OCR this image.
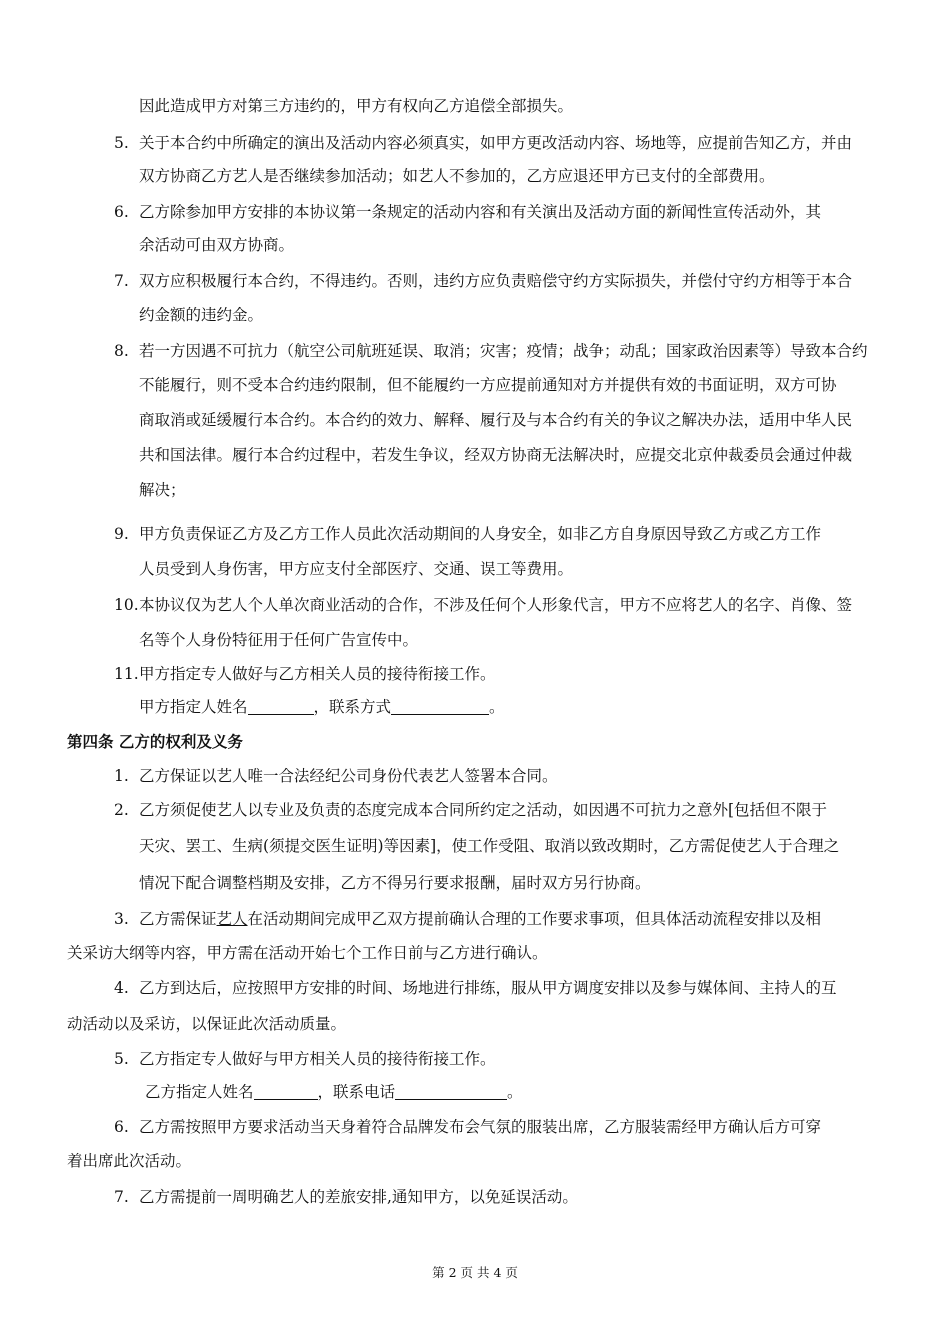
因此造成甲方对第三方违约的，甲方有权向乙方追偿全部损失。
5. 关于本合约中所确定的演出及活动内容必须真实，如甲方更改活动内容、场地等，应提前告知乙方，并由
双方协商乙方艺人是否继续参加活动；如艺人不参加的，乙方应退还甲方已支付的全部费用。
6. 乙方除参加甲方安排的本协议第一条规定的活动内容和有关演出及活动方面的新闻性宣传活动外，其
余活动可由双方协商。
7. 双方应积极履行本合约，不得违约。否则，违约方应负责赔偿守约方实际损失，并偿付守约方相等于本合
约金额的违约金。
8. 若一方因遇不可抗力（航空公司航班延误、取消；灾害；疫情；战争；动乱；国家政治因素等）导致本合约
不能履行，则不受本合约违约限制，但不能履约一方应提前通知对方并提供有效的书面证明，双方可协
商取消或延缓履行本合约。本合约的效力、解释、履行及与本合约有关的争议之解决办法，适用中华人民
共和国法律。履行本合约过程中，若发生争议，经双方协商无法解决时，应提交北京仲裁委员会通过仲裁
解决；
9. 甲方负责保证乙方及乙方工作人员此次活动期间的人身安全，如非乙方自身原因导致乙方或乙方工作
人员受到人身伤害，甲方应支付全部医疗、交通、误工等费用。
10. 本协议仅为艺人个人单次商业活动的合作，不涉及任何个人形象代言，甲方不应将艺人的名字、肖像、签
名等个人身份特征用于任何广告宣传中。
11. 甲方指定专人做好与乙方相关人员的接待衔接工作。
甲方指定人姓名	，联系方式	。
第四条 乙方的权利及义务
1. 乙方保证以艺人唯一合法经纪公司身份代表艺人签署本合同。
2. 乙方须促使艺人以专业及负责的态度完成本合同所约定之活动，如因遇不可抗力之意外[包括但不限于
天灾、罢工、生病(须提交医生证明)等因素]，使工作受阻、取消以致改期时，乙方需促使艺人于合理之
情况下配合调整档期及安排，乙方不得另行要求报酬，届时双方另行协商。
3. 乙方需保证艺人在活动期间完成甲乙双方提前确认合理的工作要求事项，但具体活动流程安排以及相
关采访大纲等内容，甲方需在活动开始七个工作日前与乙方进行确认。
4. 乙方到达后，应按照甲方安排的时间、场地进行排练，服从甲方调度安排以及参与媒体间、主持人的互
动活动以及采访，以保证此次活动质量。
5. 乙方指定专人做好与甲方相关人员的接待衔接工作。
乙方指定人姓名	，联系电话	。
6. 乙方需按照甲方要求活动当天身着符合品牌发布会气氛的服装出席，乙方服装需经甲方确认后方可穿
着出席此次活动。
7. 乙方需提前一周明确艺人的差旅安排,通知甲方，以免延误活动。
第 2 页 共 4 页
